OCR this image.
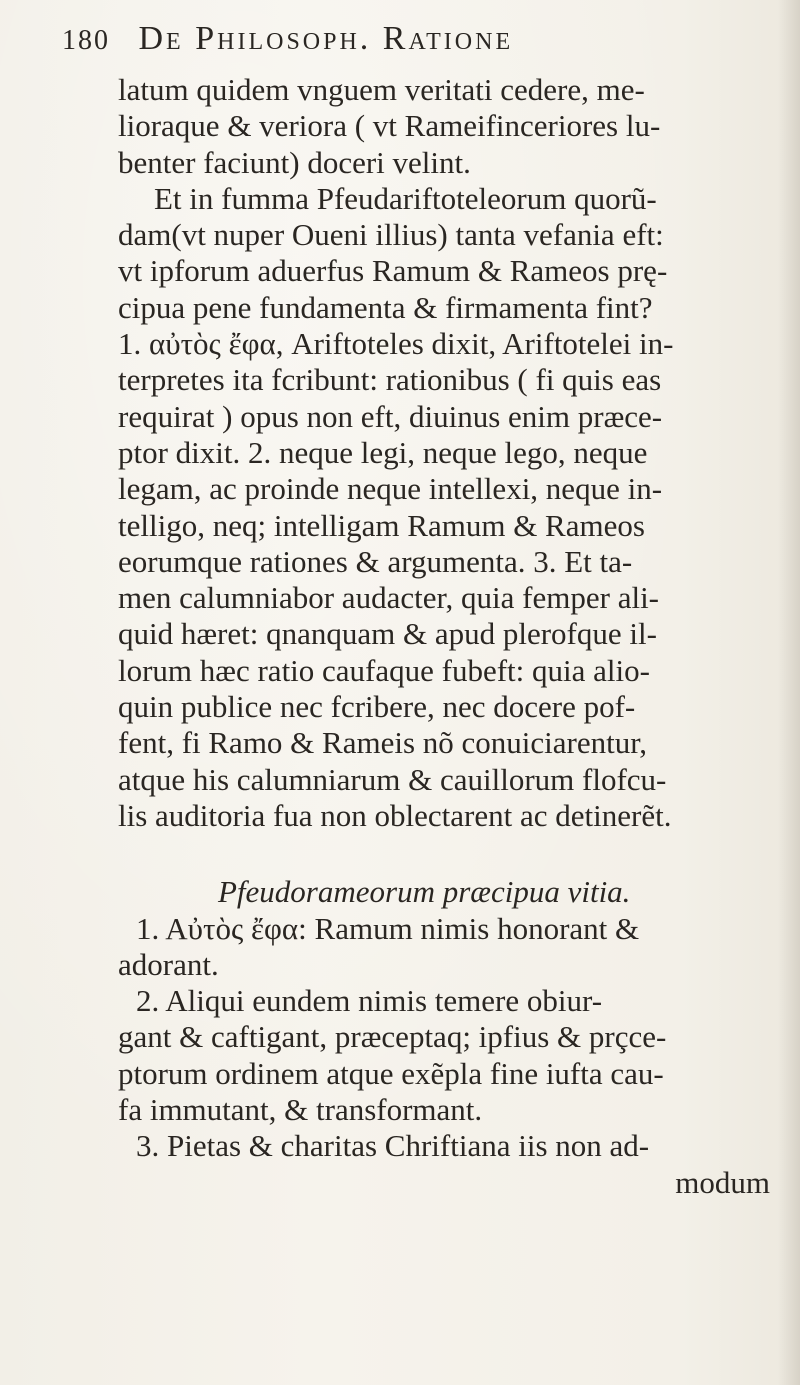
180 De Philosoph. Ratione
latum quidem vnguem veritati cedere, me-
lioraque & veriora ( vt Rameifinceriores lu-
benter faciunt) doceri velint.
Et in fumma Pfeudariftoteleorum quorũ-
dam(vt nuper Oueni illius) tanta vefania eft:
vt ipforum aduerfus Ramum & Rameos prę-
cipua pene fundamenta & firmamenta fint?
1. αὐτὸς ἔφα, Ariftoteles dixit, Ariftotelei in-
terpretes ita fcribunt: rationibus ( fi quis eas
requirat ) opus non eft, diuinus enim præce-
ptor dixit. 2. neque legi, neque lego, neque
legam, ac proinde neque intellexi, neque in-
telligo, neq; intelligam Ramum & Rameos
eorumque rationes & argumenta. 3. Et ta-
men calumniabor audacter, quia femper ali-
quid hæret: qnanquam & apud plerofque il-
lorum hæc ratio caufaque fubeft: quia alio-
quin publice nec fcribere, nec docere pof-
fent, fi Ramo & Rameis nõ conuiciarentur,
atque his calumniarum & cauillorum flofcu-
lis auditoria fua non oblectarent ac detinerẽt.
Pfeudorameorum præcipua vitia.
1. Αὐτὸς ἔφα: Ramum nimis honorant &
adorant.
2. Aliqui eundem nimis temere obiur-
gant & caftigant, præceptaq; ipfius & prçce-
ptorum ordinem atque exẽpla fine iufta cau-
fa immutant, & transformant.
3. Pietas & charitas Chriftiana iis non ad-
modum
